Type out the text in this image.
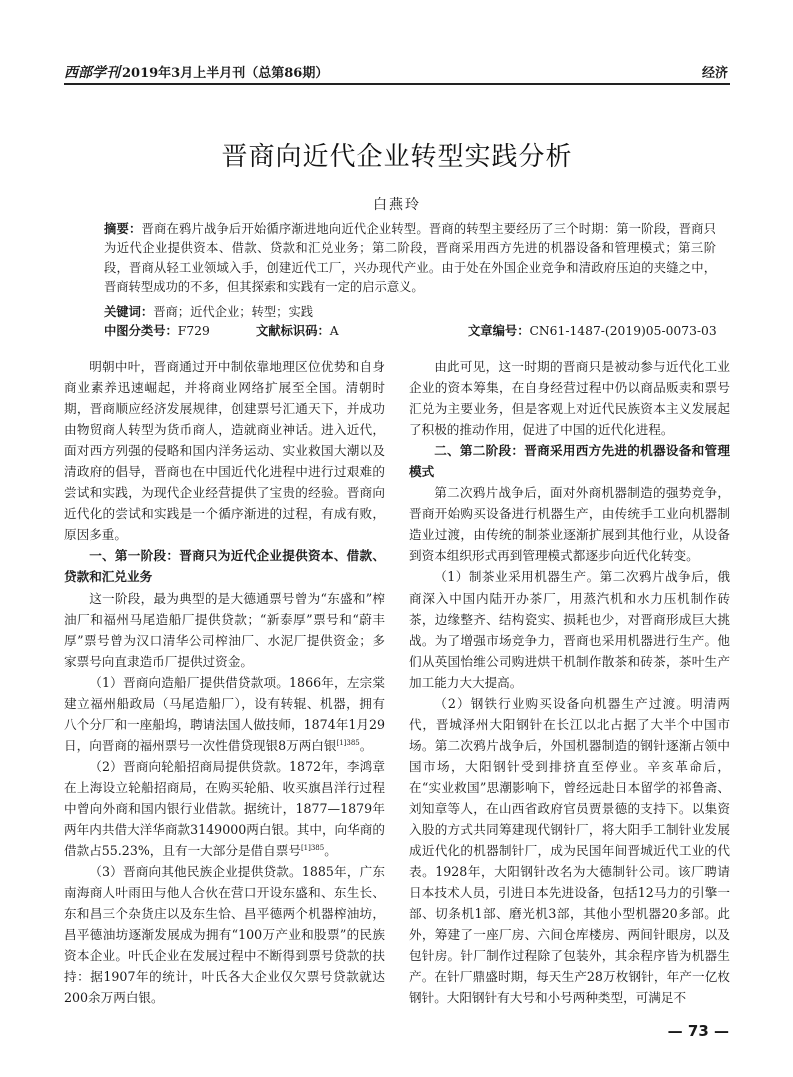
西部学刊 2019年3月上半月刊（总第86期）	经济
晋商向近代企业转型实践分析
白燕玲
摘要：晋商在鸦片战争后开始循序渐进地向近代企业转型。晋商的转型主要经历了三个时期：第一阶段，晋商只为近代企业提供资本、借款、贷款和汇兑业务；第二阶段，晋商采用西方先进的机器设备和管理模式；第三阶段，晋商从轻工业领域入手，创建近代工厂，兴办现代产业。由于处在外国企业竞争和清政府压迫的夹缝之中，晋商转型成功的不多，但其探索和实践有一定的启示意义。
关键词：晋商；近代企业；转型；实践
中图分类号：F729	文献标识码：A	文章编号：CN61-1487-(2019)05-0073-03

明朝中叶，晋商通过开中制依靠地理区位优势和自身商业素养迅速崛起，并将商业网络扩展至全国。清朝时期，晋商顺应经济发展规律，创建票号汇通天下，并成功由物贸商人转型为货币商人，造就商业神话。进入近代，面对西方列强的侵略和国内洋务运动、实业救国大潮以及清政府的倡导，晋商也在中国近代化进程中进行过艰难的尝试和实践，为现代企业经营提供了宝贵的经验。晋商向近代化的尝试和实践是一个循序渐进的过程，有成有败，原因多重。

一、第一阶段：晋商只为近代企业提供资本、借款、贷款和汇兑业务

这一阶段，最为典型的是大德通票号曾为“东盛和”榨油厂和福州马尾造船厂提供贷款；“新泰厚”票号和“蔚丰厚”票号曾为汉口清华公司榨油厂、水泥厂提供资金；多家票号向直隶造币厂提供过资金。

（1）晋商向造船厂提供借贷款项。1866年，左宗棠建立福州船政局（马尾造船厂），设有转辊、机器，拥有八个分厂和一座船坞，聘请法国人做技师，1874年1月29日，向晋商的福州票号一次性借贷现银8万两白银$^{[1]385}$。

（2）晋商向轮船招商局提供贷款。1872年，李鸿章在上海设立轮船招商局，在购买轮船、收买旗昌洋行过程中曾向外商和国内银行业借款。据统计，1877—1879年两年内共借大洋华商款3149000两白银。其中，向华商的借款占55.23%，且有一大部分是借自票号$^{[1]385}$。

（3）晋商向其他民族企业提供贷款。1885年，广东南海商人叶雨田与他人合伙在营口开设东盛和、东生长、东和昌三个杂货庄以及东生恰、昌平德两个机器榨油坊，昌平德油坊逐渐发展成为拥有“100万产业和股票”的民族资本企业。叶氏企业在发展过程中不断得到票号贷款的扶持：据1907年的统计，叶氏各大企业仅欠票号贷款就达200余万两白银。

由此可见，这一时期的晋商只是被动参与近代化工业企业的资本筹集，在自身经营过程中仍以商品贩卖和票号汇兑为主要业务，但是客观上对近代民族资本主义发展起了积极的推动作用，促进了中国的近代化进程。

二、第二阶段：晋商采用西方先进的机器设备和管理模式

第二次鸦片战争后，面对外商机器制造的强势竞争，晋商开始购买设备进行机器生产，由传统手工业向机器制造业过渡，由传统的制茶业逐渐扩展到其他行业，从设备到资本组织形式再到管理模式都逐步向近代化转变。

（1）制茶业采用机器生产。第二次鸦片战争后，俄商深入中国内陆开办茶厂，用蒸汽机和水力压机制作砖茶，边缘整齐、结构瓷实、损耗也少，对晋商形成巨大挑战。为了增强市场竞争力，晋商也采用机器进行生产。他们从英国怡维公司购进烘干机制作散茶和砖茶，茶叶生产加工能力大大提高。

（2）钢铁行业购买设备向机器生产过渡。明清两代，晋城泽州大阳钢针在长江以北占据了大半个中国市场。第二次鸦片战争后，外国机器制造的钢针逐渐占领中国市场，大阳钢针受到排挤直至停业。辛亥革命后，在“实业救国”思潮影响下，曾经远赴日本留学的祁鲁斋、刘知章等人，在山西省政府官员贾景德的支持下。以集资入股的方式共同筹建现代钢针厂，将大阳手工制针业发展成近代化的机器制针厂，成为民国年间晋城近代工业的代表。1928年，大阳钢针改名为大德制针公司。该厂聘请日本技术人员，引进日本先进设备，包括12马力的引擎一部、切条机1部、磨光机3部，其他小型机器20多部。此外，筹建了一座厂房、六间仓库楼房、两间针眼房，以及包针房。针厂制作过程除了包装外，其余程序皆为机器生产。在针厂鼎盛时期，每天生产28万枚钢针，年产一亿枚钢针。大阳钢针有大号和小号两种类型，可满足不

— 73 —
